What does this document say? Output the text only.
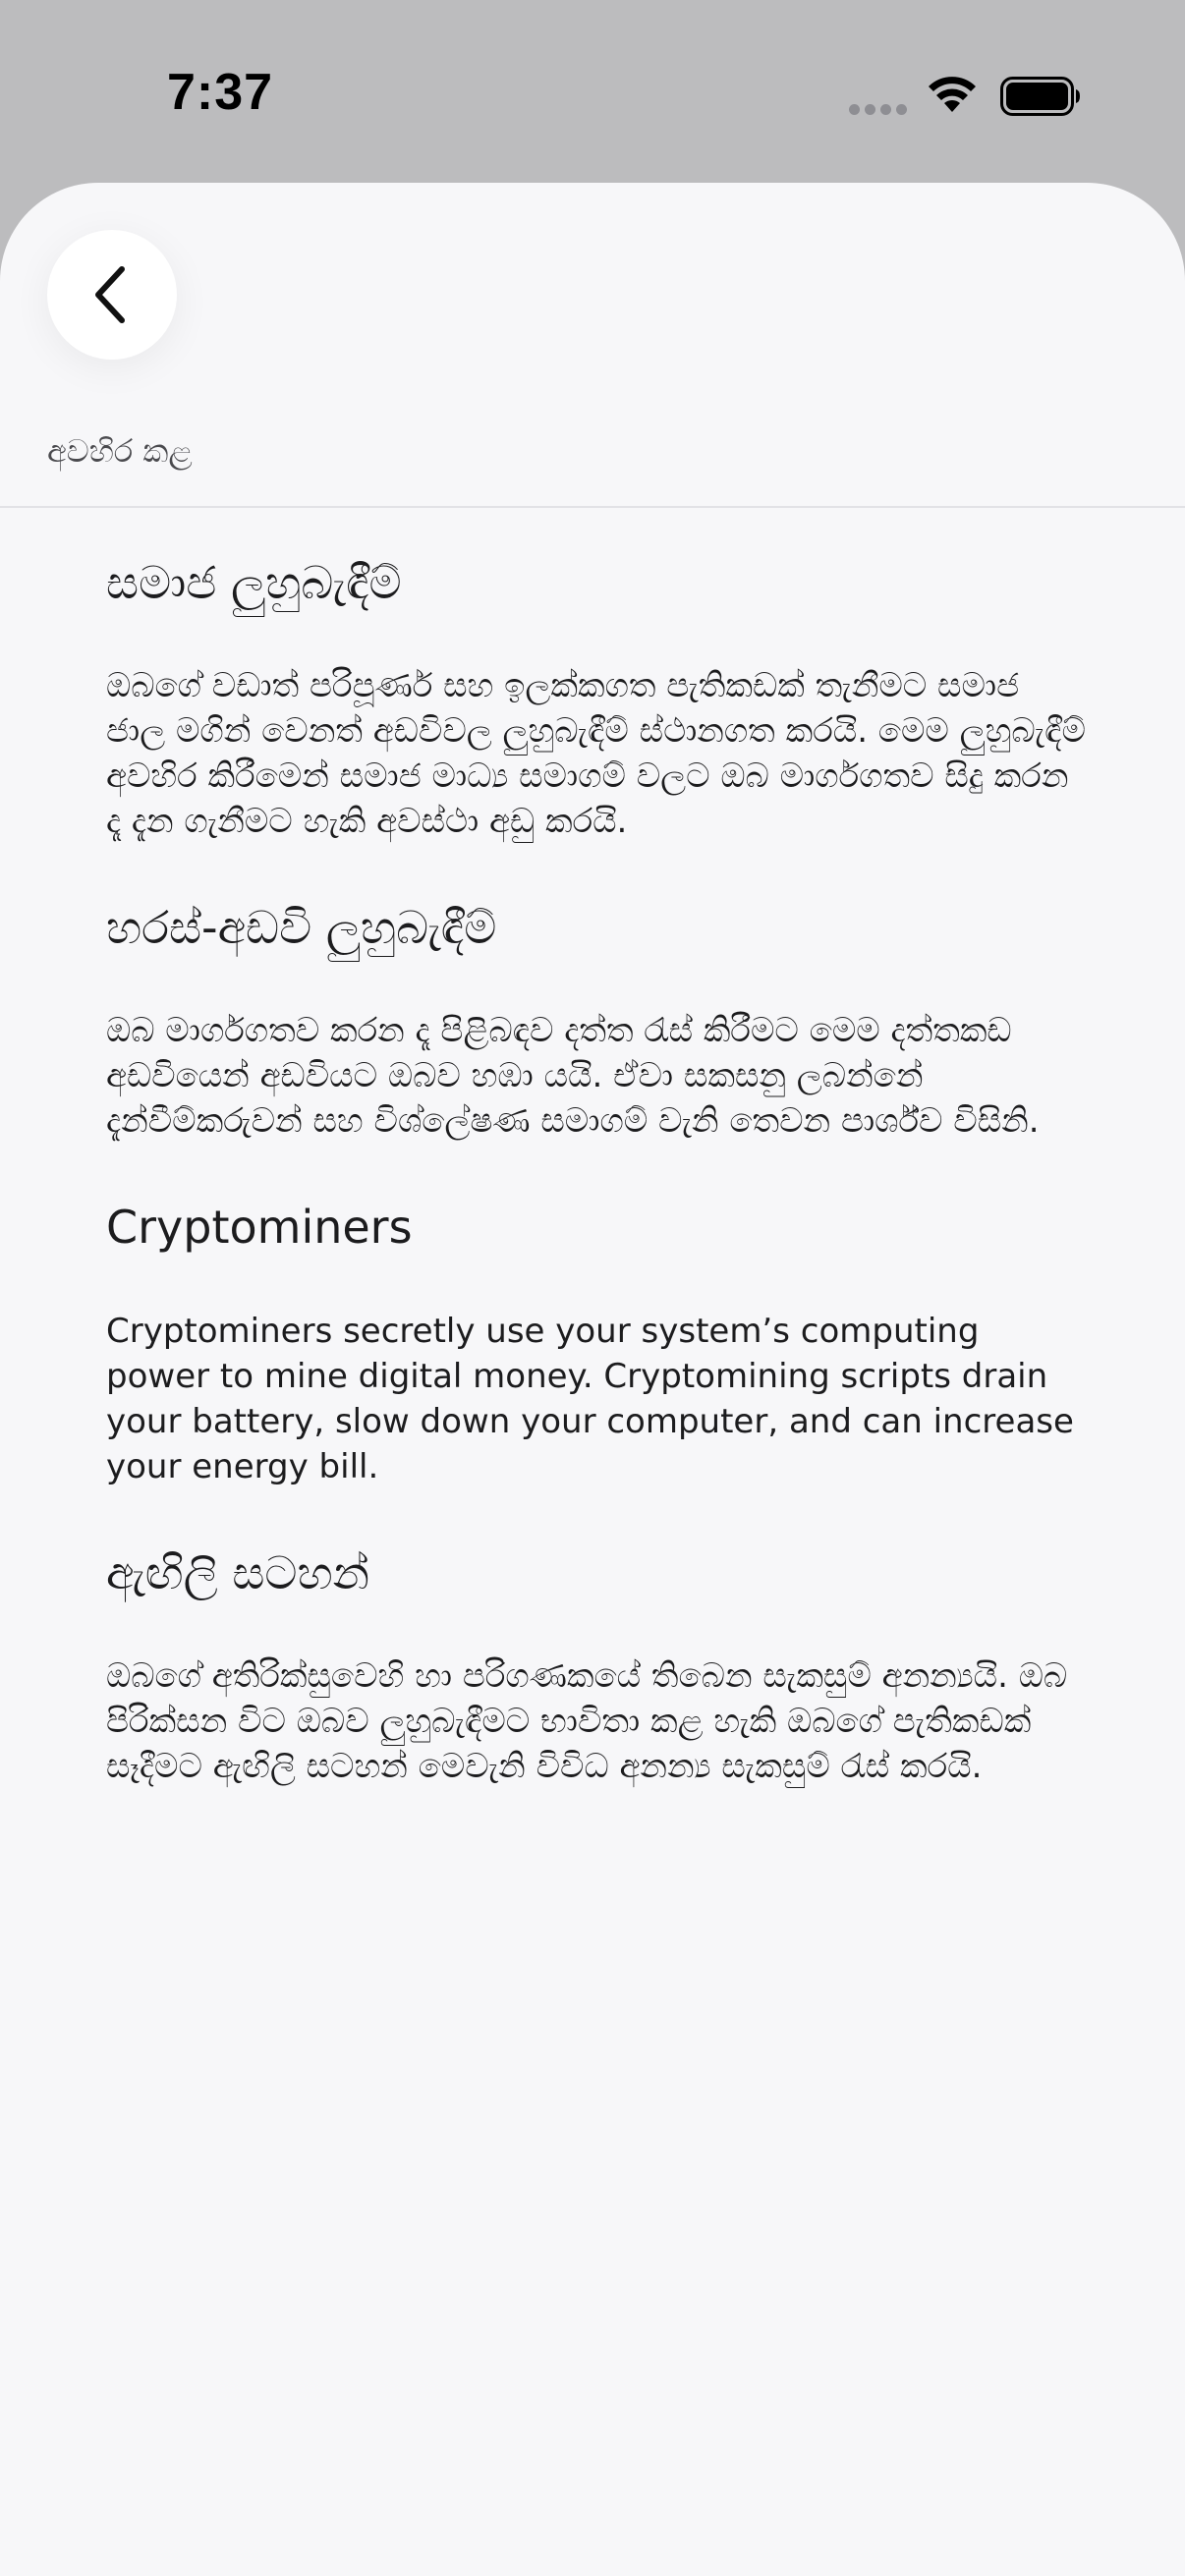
7:37
අවහිර කළ
සමාජ ලුහුබැඳීම්

ඔබගේ වඩාත් පරිපූර්ණ සහ ඉලක්කගත පැතිකඩක් තැනීමට සමාජ ජාල මගින් වෙනත් අඩවිවල ලුහුබැඳීම් ස්ථානගත කරයි. මෙම ලුහුබැඳීම් අවහිර කිරීමෙන් සමාජ මාධ්‍ය සමාගම් වලට ඔබ මාර්ගගතව සිදු කරන දෑ දැන ගැනීමට හැකි අවස්ථා අඩු කරයි.

හරස්-අඩවි ලුහුබැඳීම්

ඔබ මාර්ගගතව කරන දෑ පිළිබඳව දත්ත රැස් කිරීමට මෙම දත්තකඩ අඩවියෙන් අඩවියට ඔබව හඹා යයි. ඒවා සකසනු ලබන්නේ දැන්වීම්කරුවන් සහ විශ්ලේෂණ සමාගම් වැනි තෙවන පාර්ශ්ව විසිනි.

Cryptominers

Cryptominers secretly use your system’s computing power to mine digital money. Cryptomining scripts drain your battery, slow down your computer, and can increase your energy bill.

ඇඟිලි සටහන්

ඔබගේ අතිරික්සුවෙහි හා පරිගණකයේ තිබෙන සැකසුම් අනන්‍යයි. ඔබ පිරික්සන විට ඔබව ලුහුබැඳීමට භාවිතා කළ හැකි ඔබගේ පැතිකඩක් සෑදීමට ඇඟිලි සටහන් මෙවැනි විවිධ අනන්‍ය සැකසුම් රැස් කරයි.
